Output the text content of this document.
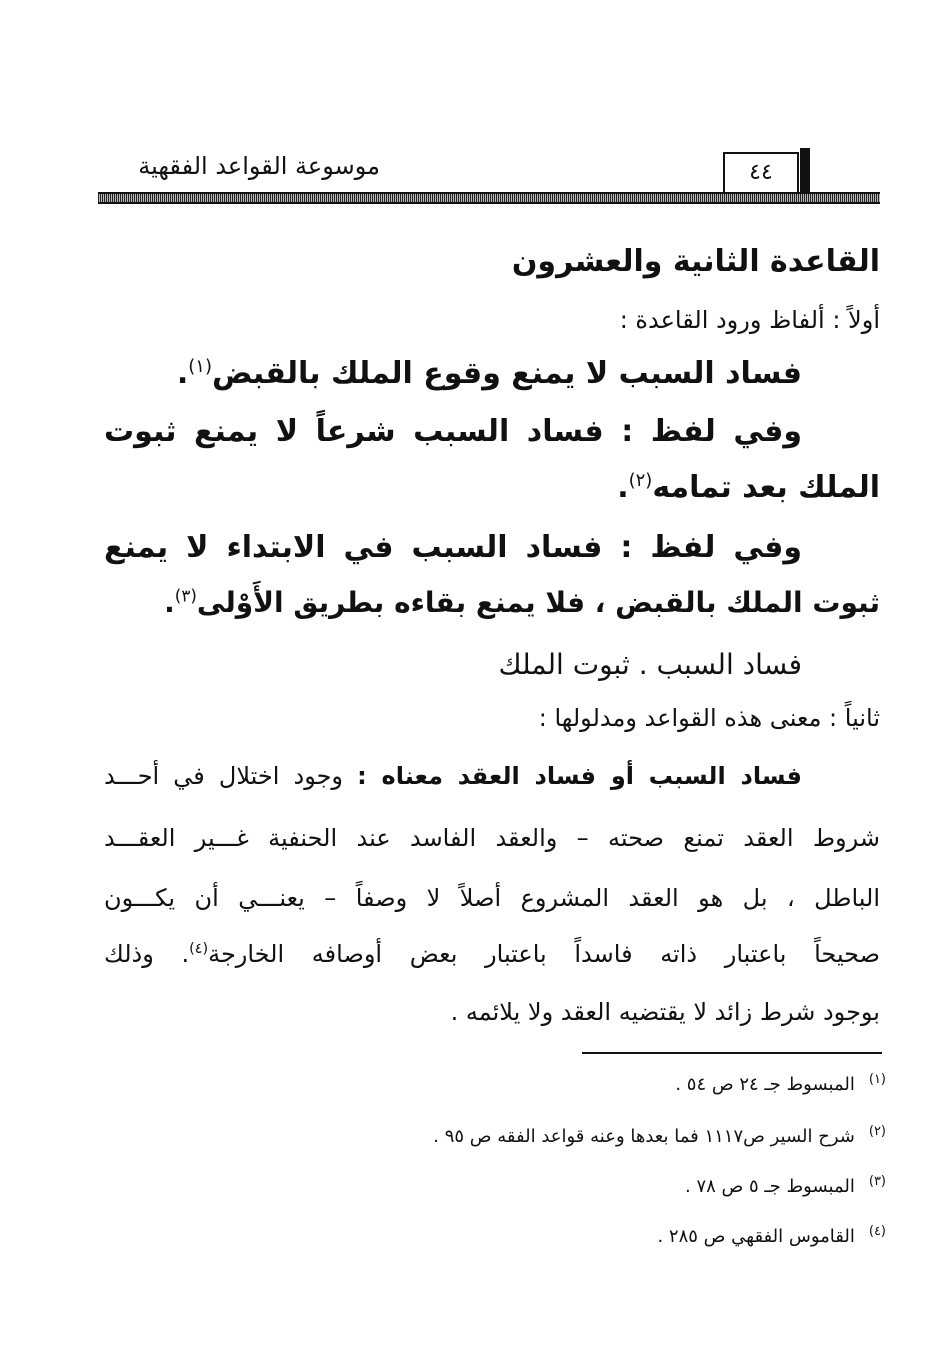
موسوعة القواعد الفقهية	٤٤
القاعدة الثانية والعشرون
أولاً : ألفاظ ورود القاعدة :
فساد السبب لا يمنع وقوع الملك بالقبض$^{(١)}$.
وفي لفظ : فساد السبب شرعاً لا يمنع ثبوت
الملك بعد تمامه$^{(٢)}$.
وفي لفظ : فساد السبب في الابتداء لا يمنع
ثبوت الملك بالقبض ، فلا يمنع بقاءه بطريق الأَوْلى$^{(٣)}$.
فساد السبب . ثبوت الملك
ثانياً : معنى هذه القواعد ومدلولها :
فساد السبب أو فساد العقد معناه : وجود اختلال في أحـــد
شروط العقد تمنع صحته – والعقد الفاسد عند الحنفية غـــير العقـــد
الباطل ، بل هو العقد المشروع أصلاً لا وصفاً – يعنـــي أن يكـــون
صحيحاً باعتبار ذاته فاسداً باعتبار بعض أوصافه الخارجة$^{(٤)}$. وذلك
بوجود شرط زائد لا يقتضيه العقد ولا يلائمه .
$^{(١)}$المبسوط جـ ٢٤ ص ٥٤ .
$^{(٢)}$شرح السير ص١١١٧ فما بعدها وعنه قواعد الفقه ص ٩٥ .
$^{(٣)}$المبسوط جـ ٥ ص ٧٨ .
$^{(٤)}$القاموس الفقهي ص ٢٨٥ .
